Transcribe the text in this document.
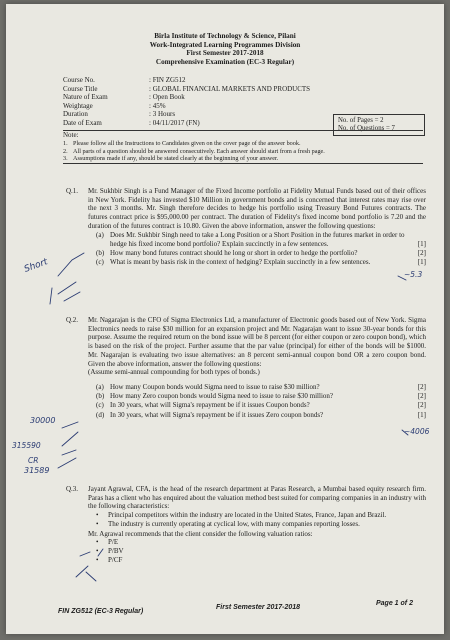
Birla Institute of Technology & Science, Pilani
Work-Integrated Learning Programmes Division
First Semester 2017-2018
Comprehensive Examination (EC-3 Regular)
Course No.	: FIN ZG512
Course Title	: GLOBAL FINANCIAL MARKETS AND PRODUCTS
Nature of Exam	: Open Book
Weightage	: 45%
Duration	: 3 Hours
Date of Exam	: 04/11/2017 (FN)	No. of Pages = 2
No. of Questions = 7
Note:
1. Please follow all the Instructions to Candidates given on the cover page of the answer book.
2. All parts of a question should be answered consecutively. Each answer should start from a fresh page.
3. Assumptions made if any, should be stated clearly at the beginning of your answer.
Q.1.	Mr. Sukhbir Singh is a Fund Manager of the Fixed Income portfolio at Fidelity Mutual Funds based out of their offices in New York. Fidelity has invested $10 Million in government bonds and is concerned that interest rates may rise over the next 3 months. Mr. Singh therefore decides to hedge his portfolio using Treasury Bond Futures contracts. The futures contract price is $95,000.00 per contract. The duration of Fidelity's fixed income bond portfolio is 7.20 and the duration of the futures contract is 10.80. Given the above information, answer the following questions:
(a) Does Mr. Sukhbir Singh need to take a Long Position or a Short Position in the futures market in order to hedge his fixed income bond portfolio? Explain succinctly in a few sentences.	[1]
(b) How many bond futures contract should he long or short in order to hedge the portfolio?	[2]
(c) What is meant by basis risk in the context of hedging? Explain succinctly in a few sentences.	[1]
Q.2.	Mr. Nagarajan is the CFO of Sigma Electronics Ltd, a manufacturer of Electronic goods based out of New York. Sigma Electronics needs to raise $30 million for an expansion project and Mr. Nagarajan want to issue 30-year bonds for this purpose. Assume the required return on the bond issue will be 8 percent (for either coupon or zero coupon bond), which is based on the risk of the project. Further assume that the par value (principal) for either of the bonds will be $1000. Mr. Nagarajan is evaluating two issue alternatives: an 8 percent semi-annual coupon bond OR a zero coupon bond. Given the above information, answer the following questions:
(Assume semi-annual compounding for both types of bonds.)
(a) How many Coupon bonds would Sigma need to issue to raise $30 million?	[2]
(b) How many Zero coupon bonds would Sigma need to issue to raise $30 million?	[2]
(c) In 30 years, what will Sigma's repayment be if it issues Coupon bonds?	[2]
(d) In 30 years, what will Sigma's repayment be if it issues Zero coupon bonds?	[1]
Q.3.	Jayant Agrawal, CFA, is the head of the research department at Paras Research, a Mumbai based equity research firm. Paras has a client who has enquired about the valuation method best suited for comparing companies in an industry with the following characteristics:
•	Principal competitors within the industry are located in the United States, France, Japan and Brazil.
•	The industry is currently operating at cyclical low, with many companies reporting losses.
Mr. Agrawal recommends that the client consider the following valuation ratios:
•	P/E
•	P/BV
•	P/CF
FIN ZG512 (EC-3 Regular)
First Semester 2017-2018
Page 1 of 2
Short	~5.3
30000
315590
~4006
CR
31589
